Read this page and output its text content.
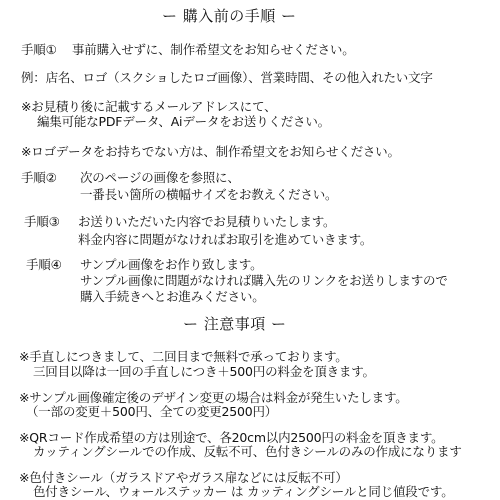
ー 購入前の手順 ー
手順① 事前購入せずに、制作希望文をお知らせください。
例：店名、ロゴ（スクショしたロゴ画像）、営業時間、その他入れたい文字
※お見積り後に記載するメールアドレスにて、
編集可能なPDFデータ、Aiデータをお送りください。
※ロゴデータをお持ちでない方は、制作希望文をお知らせください。
手順② 次のページの画像を参照に、
一番長い箇所の横幅サイズをお教えください。
手順③ お送りいただいた内容でお見積りいたします。
料金内容に問題がなければお取引を進めていきます。
手順④ サンプル画像をお作り致します。
サンプル画像に問題がなければ購入先のリンクをお送りしますので
購入手続きへとお進みください。
ー 注意事項 ー
※手直しにつきまして、二回目まで無料で承っております。
三回目以降は一回の手直しにつき＋500円の料金を頂きます。
※サンプル画像確定後のデザイン変更の場合は料金が発生いたします。
（一部の変更＋500円、全ての変更2500円）
※QRコード作成希望の方は別途で、各20cm以内2500円の料金を頂きます。
カッティングシールでの作成、反転不可、色付きシールのみの作成になります
※色付きシール（ガラスドアやガラス扉などには反転不可）
色付きシール、ウォールステッカー は カッティングシールと同じ値段です。
